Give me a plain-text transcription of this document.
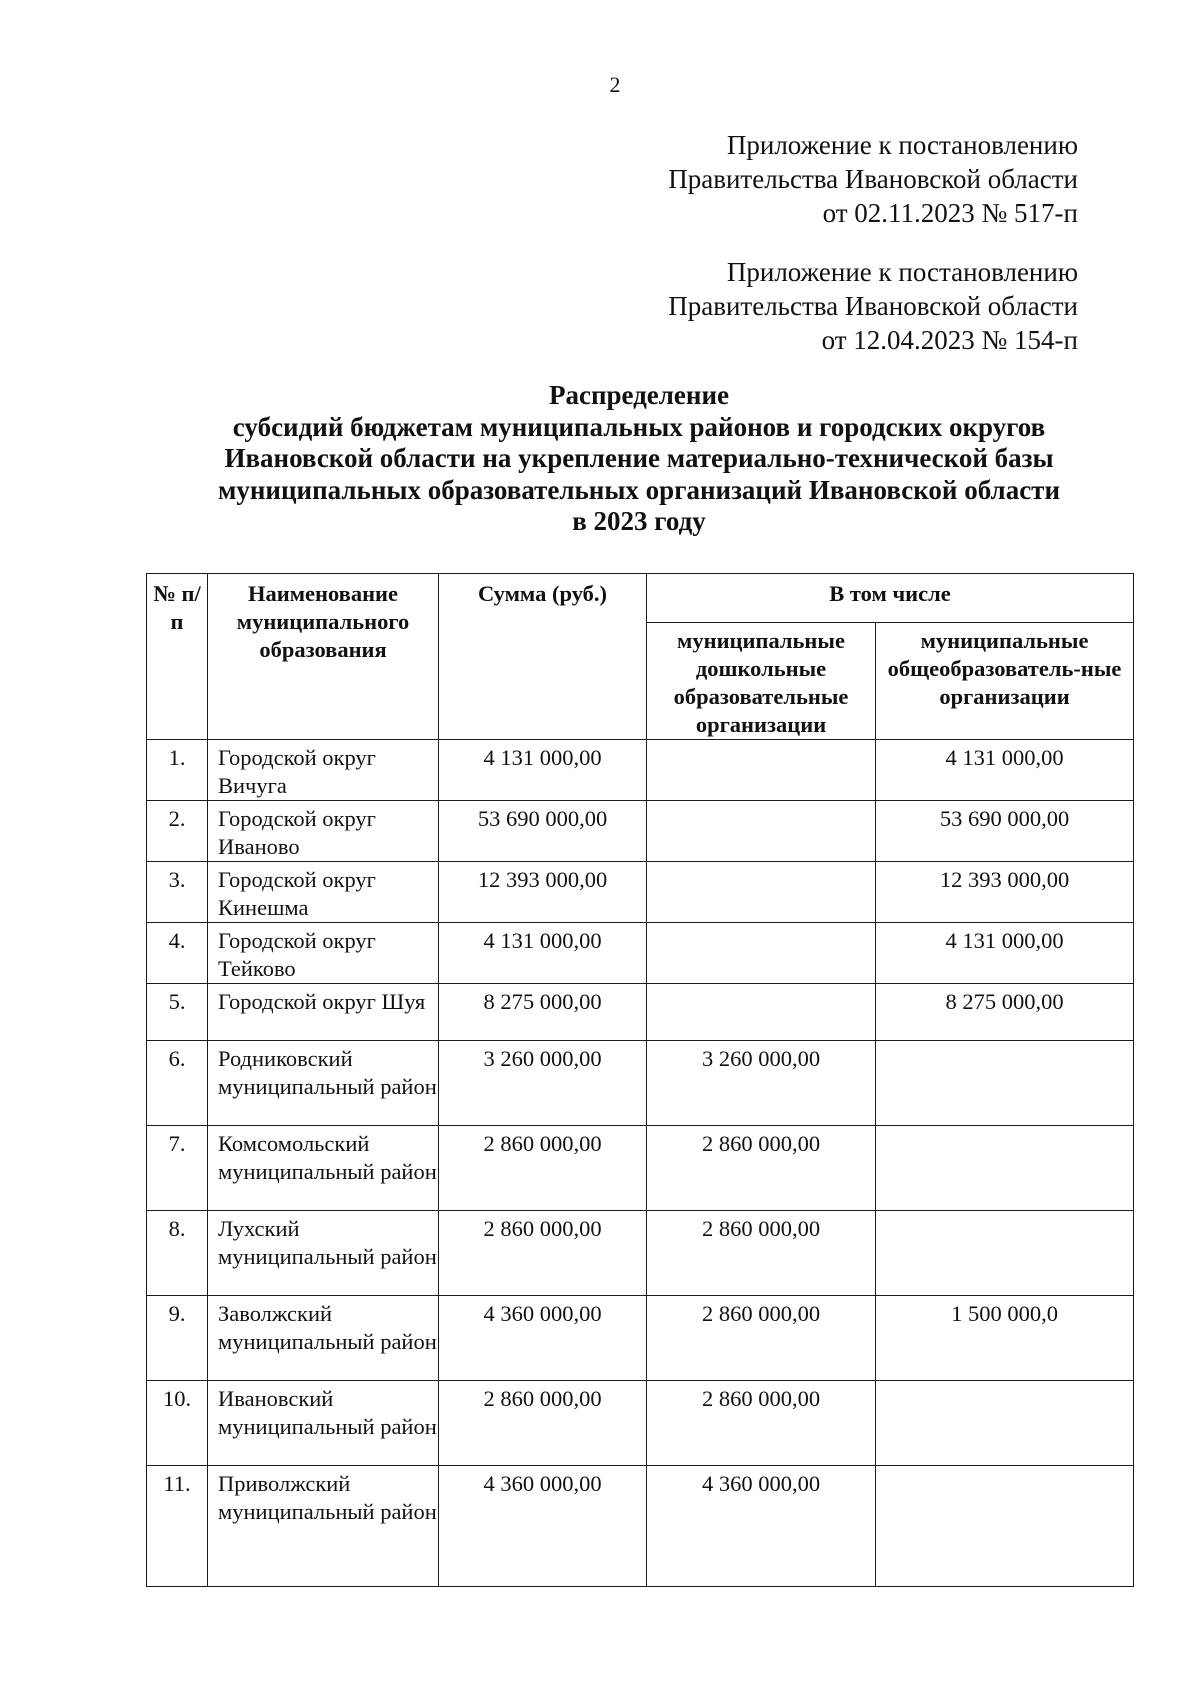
2
Приложение к постановлению
Правительства Ивановской области
от 02.11.2023 № 517-п
Приложение к постановлению
Правительства Ивановской области
от 12.04.2023 № 154-п
Распределение
субсидий бюджетам муниципальных районов и городских округов
Ивановской области на укрепление материально-технической базы
муниципальных образовательных организаций Ивановской области
в 2023 году
№ п/п	Наименование муниципального образования	Сумма (руб.)	В том числе	
			муниципальные дошкольные образовательные организации	муниципальные общеобразователь-ные организации
1.	Городской округ Вичуга	4 131 000,00		4 131 000,00
2.	Городской округ Иваново	53 690 000,00		53 690 000,00
3.	Городской округ Кинешма	12 393 000,00		12 393 000,00
4.	Городской округ Тейково	4 131 000,00		4 131 000,00
5.	Городской округ Шуя	8 275 000,00		8 275 000,00
6.	Родниковский муниципальный район	3 260 000,00	3 260 000,00	
7.	Комсомольский муниципальный район	2 860 000,00	2 860 000,00	
8.	Лухский муниципальный район	2 860 000,00	2 860 000,00	
9.	Заволжский муниципальный район	4 360 000,00	2 860 000,00	1 500 000,0
10.	Ивановский муниципальный район	2 860 000,00	2 860 000,00	
11.	Приволжский муниципальный район	4 360 000,00	4 360 000,00	
